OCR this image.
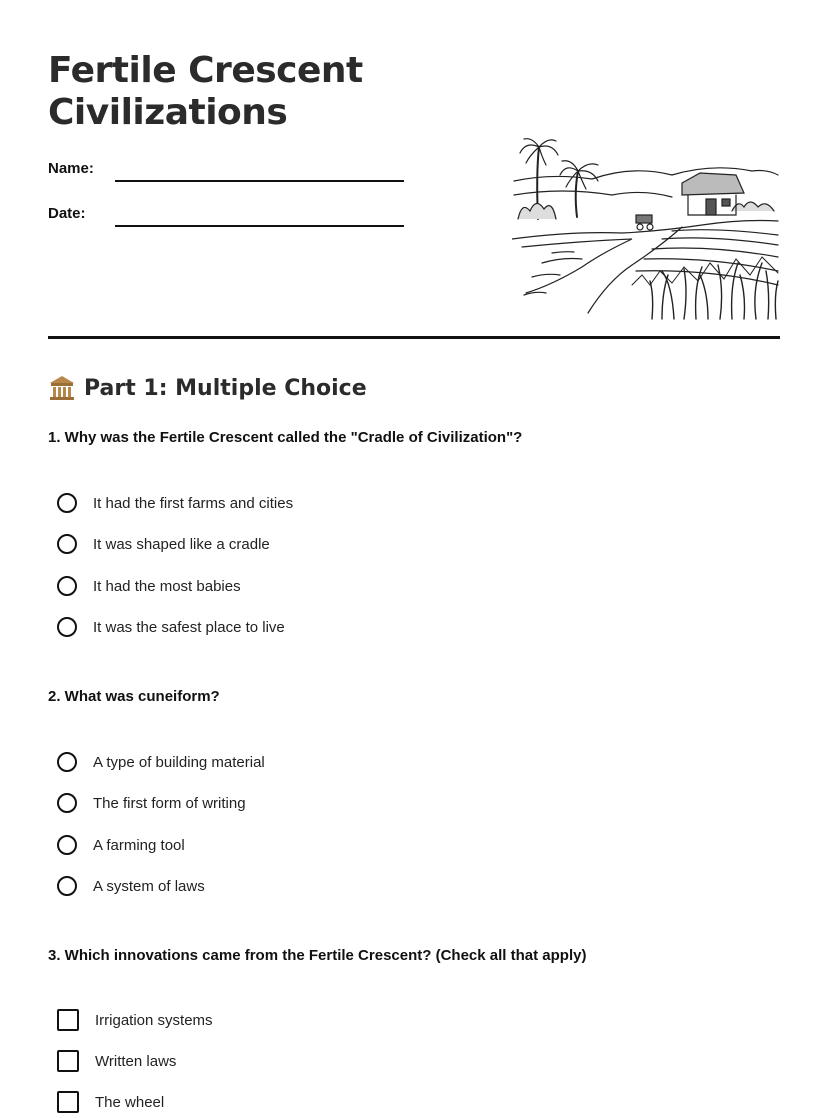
Fertile Crescent
Civilizations
Name:
Date:
Part 1: Multiple Choice

1. Why was the Fertile Crescent called the "Cradle of Civilization"?

It had the first farms and cities
It was shaped like a cradle
It had the most babies
It was the safest place to live

2. What was cuneiform?

A type of building material
The first form of writing
A farming tool
A system of laws

3. Which innovations came from the Fertile Crescent? (Check all that apply)

Irrigation systems
Written laws
The wheel
